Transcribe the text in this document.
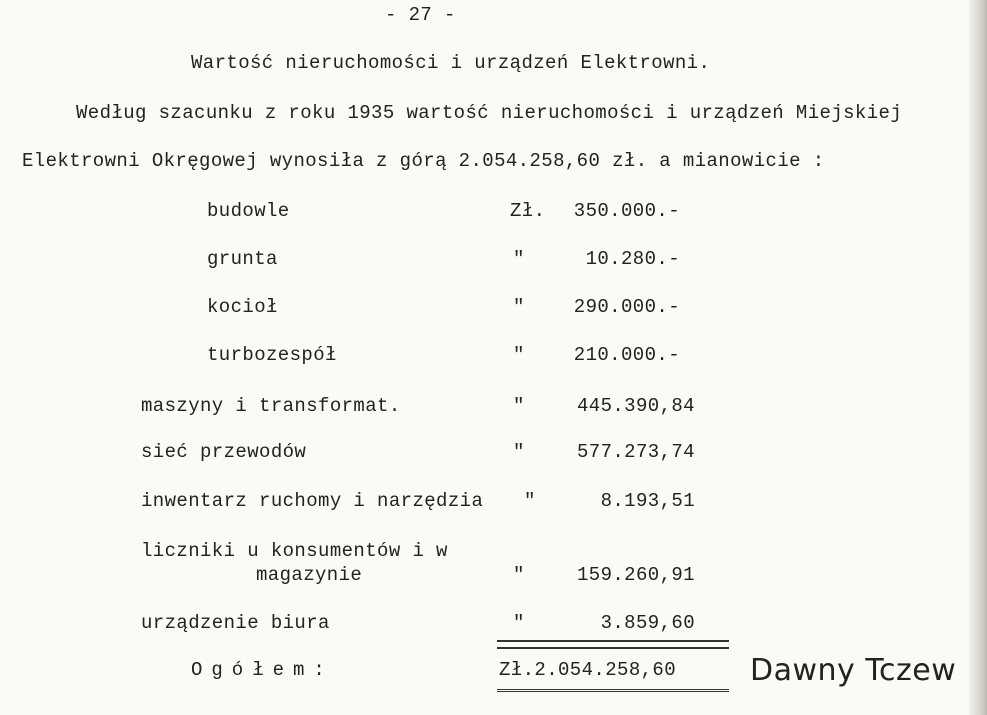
- 27 -
Wartość nieruchomości i urządzeń Elektrowni.
Według szacunku z roku 1935 wartość nieruchomości i urządzeń Miejskiej
Elektrowni Okręgowej wynosiła z górą 2.054.258,60 zł. a mianowicie :
budowle	Zł.	350.000.-
grunta	"	10.280.-
kocioł	"	290.000.-
turbozespół	"	210.000.-
maszyny i transformat.	"	445.390,84
sieć przewodów	"	577.273,74
inwentarz ruchomy i narzędzia "	8.193,51
liczniki u konsumentów i w
magazynie	"	159.260,91
urządzenie biura	"	3.859,60
Ogółem:	Zł.2.054.258,60 Dawny Tczew
